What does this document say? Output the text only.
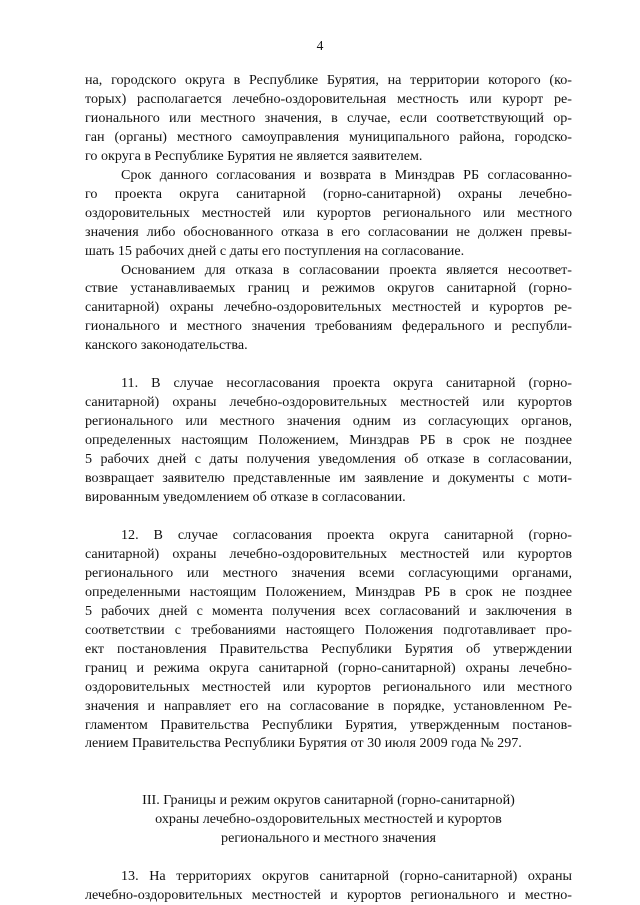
4

на, городского округа в Республике Бурятия, на территории которого (ко-

торых) располагается лечебно-оздоровительная местность или курорт ре-

гионального или местного значения, в случае, если соответствующий ор-

ган (органы) местного самоуправления муниципального района, городско-

го округа в Республике Бурятия не является заявителем.

Срок данного согласования и возврата в Минздрав РБ согласованно-

го проекта округа санитарной (горно-санитарной) охраны лечебно-

оздоровительных местностей или курортов регионального или местного

значения либо обоснованного отказа в его согласовании не должен превы-

шать 15 рабочих дней с даты его поступления на согласование.

Основанием для отказа в согласовании проекта является несоответ-

ствие устанавливаемых границ и режимов округов санитарной (горно-

санитарной) охраны лечебно-оздоровительных местностей и курортов ре-

гионального и местного значения требованиям федерального и республи-

канского законодательства.

11. В случае несогласования проекта округа санитарной (горно-

санитарной) охраны лечебно-оздоровительных местностей или курортов

регионального или местного значения одним из согласующих органов,

определенных настоящим Положением, Минздрав РБ в срок не позднее

5 рабочих дней с даты получения уведомления об отказе в согласовании,

возвращает заявителю представленные им заявление и документы с моти-

вированным уведомлением об отказе в согласовании.

12. В случае согласования проекта округа санитарной (горно-

санитарной) охраны лечебно-оздоровительных местностей или курортов

регионального или местного значения всеми согласующими органами,

определенными настоящим Положением, Минздрав РБ в срок не позднее

5 рабочих дней с момента получения всех согласований и заключения в

соответствии с требованиями настоящего Положения подготавливает про-

ект постановления Правительства Республики Бурятия об утверждении

границ и режима округа санитарной (горно-санитарной) охраны лечебно-

оздоровительных местностей или курортов регионального или местного

значения и направляет его на согласование в порядке, установленном Ре-

гламентом Правительства Республики Бурятия, утвержденным постанов-

лением Правительства Республики Бурятия от 30 июля 2009 года № 297.

III. Границы и режим округов санитарной (горно-санитарной)
охраны лечебно-оздоровительных местностей и курортов
регионального и местного значения

13. На территориях округов санитарной (горно-санитарной) охраны

лечебно-оздоровительных местностей и курортов регионального и местно-
